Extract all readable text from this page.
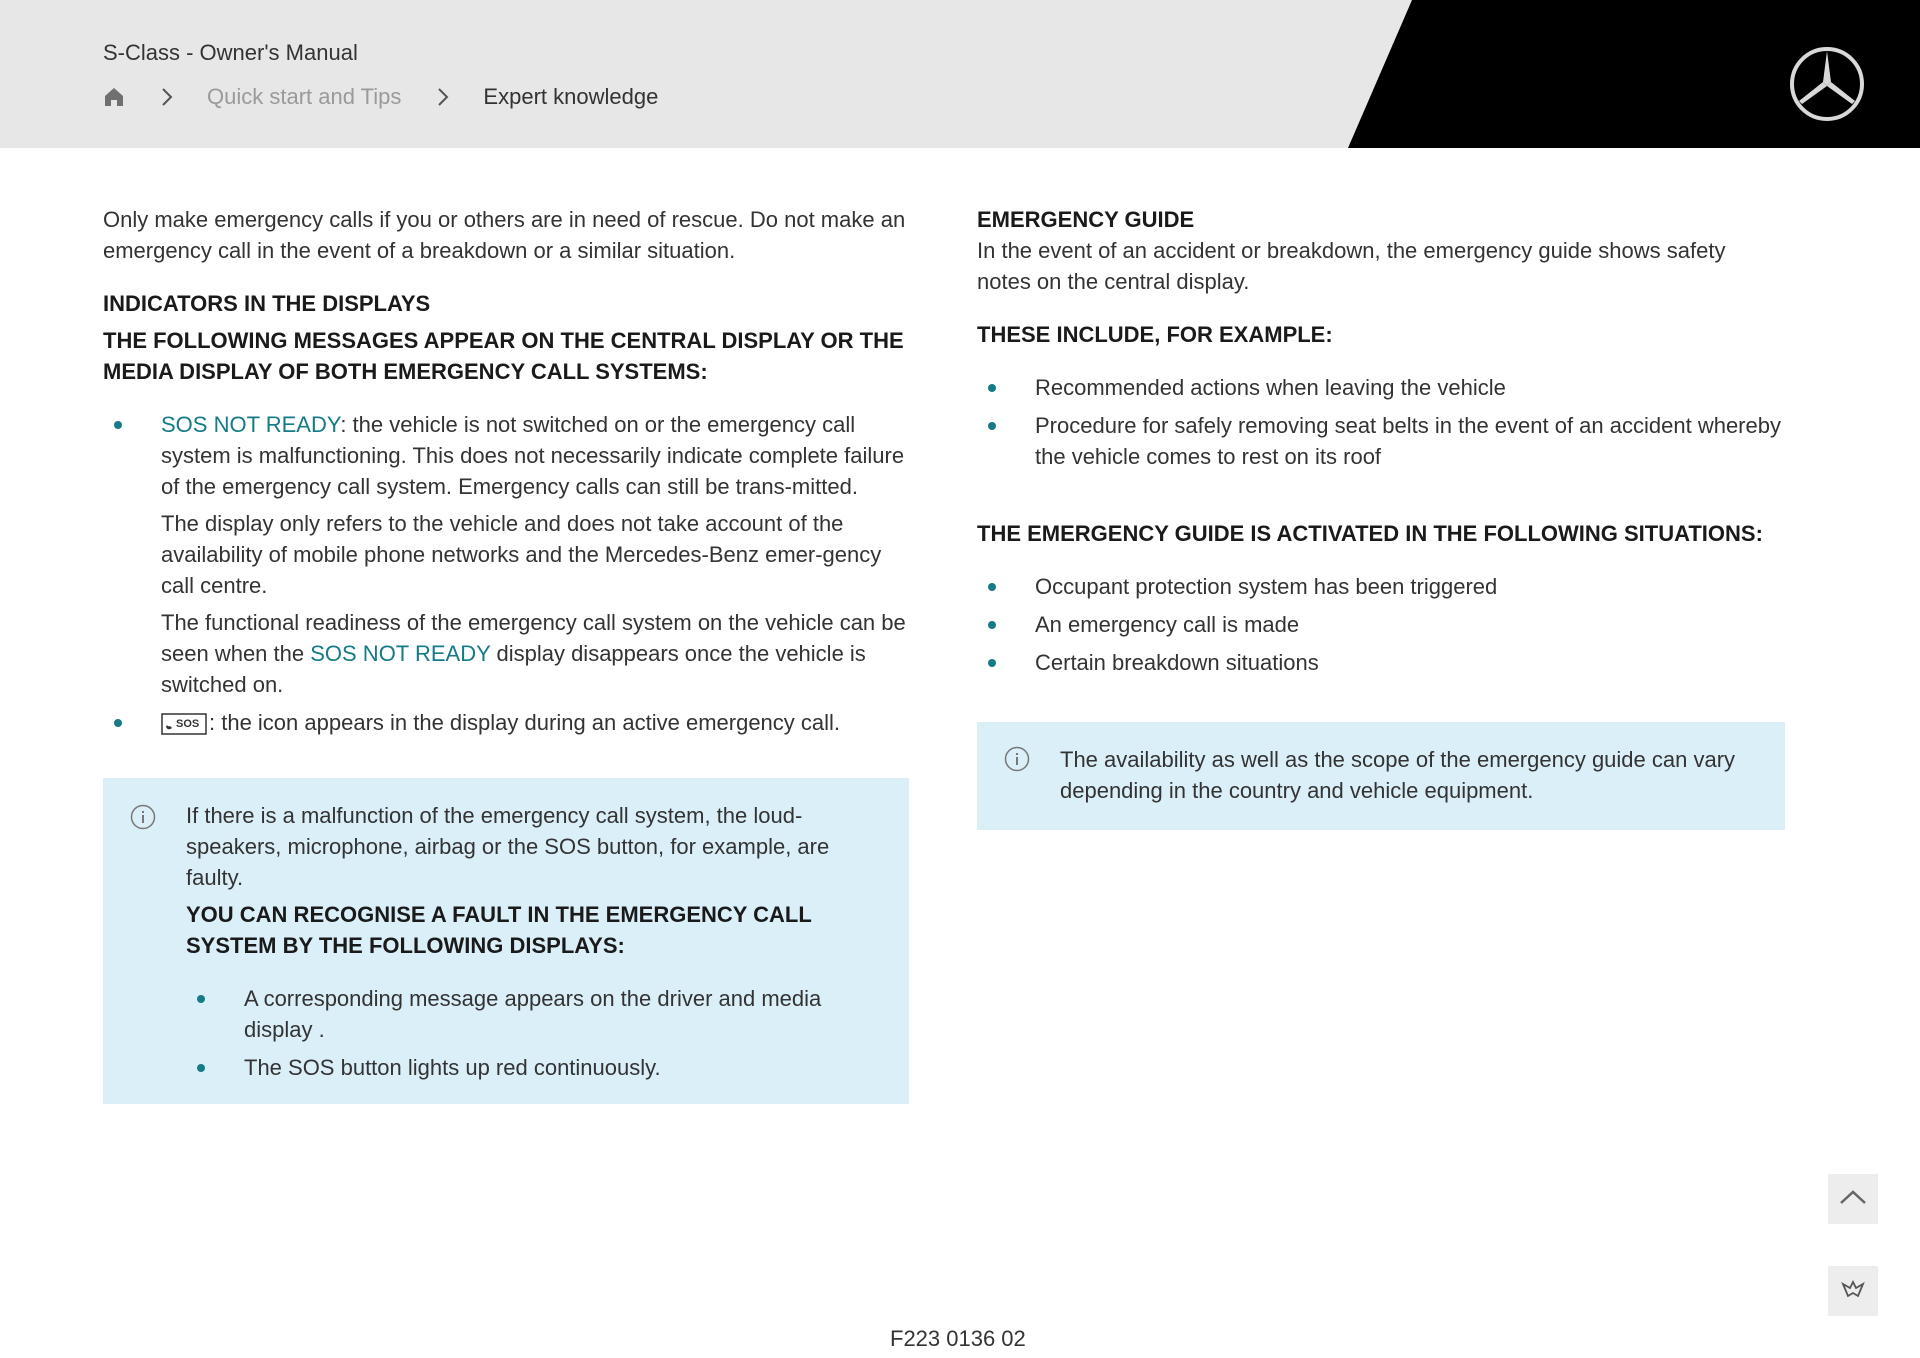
S-Class - Owner's Manual
Quick start and Tips	Expert knowledge

Only make emergency calls if you or others are in need of rescue. Do not make an emergency call in the event of a breakdown or a similar situation.

INDICATORS IN THE DISPLAYS
THE FOLLOWING MESSAGES APPEAR ON THE CENTRAL DISPLAY OR THE MEDIA DISPLAY OF BOTH EMERGENCY CALL SYSTEMS:

SOS NOT READY: the vehicle is not switched on or the emergency call system is malfunctioning. This does not necessarily indicate complete failure of the emergency call system. Emergency calls can still be trans-mitted.

The display only refers to the vehicle and does not take account of the availability of mobile phone networks and the Mercedes-Benz emer-gency call centre.

The functional readiness of the emergency call system on the vehicle can be seen when the SOS NOT READY display disappears once the vehicle is switched on.

SOS : the icon appears in the display during an active emergency call.

If there is a malfunction of the emergency call system, the loud-speakers, microphone, airbag or the SOS button, for example, are faulty.

YOU CAN RECOGNISE A FAULT IN THE EMERGENCY CALL SYSTEM BY THE FOLLOWING DISPLAYS:
A corresponding message appears on the driver and media display .
The SOS button lights up red continuously.
EMERGENCY GUIDE

In the event of an accident or breakdown, the emergency guide shows safety notes on the central display.

THESE INCLUDE, FOR EXAMPLE:
Recommended actions when leaving the vehicle
Procedure for safely removing seat belts in the event of an accident whereby the vehicle comes to rest on its roof
THE EMERGENCY GUIDE IS ACTIVATED IN THE FOLLOWING SITUATIONS:
Occupant protection system has been triggered
An emergency call is made
Certain breakdown situations

The availability as well as the scope of the emergency guide can vary depending in the country and vehicle equipment.

F223 0136 02
